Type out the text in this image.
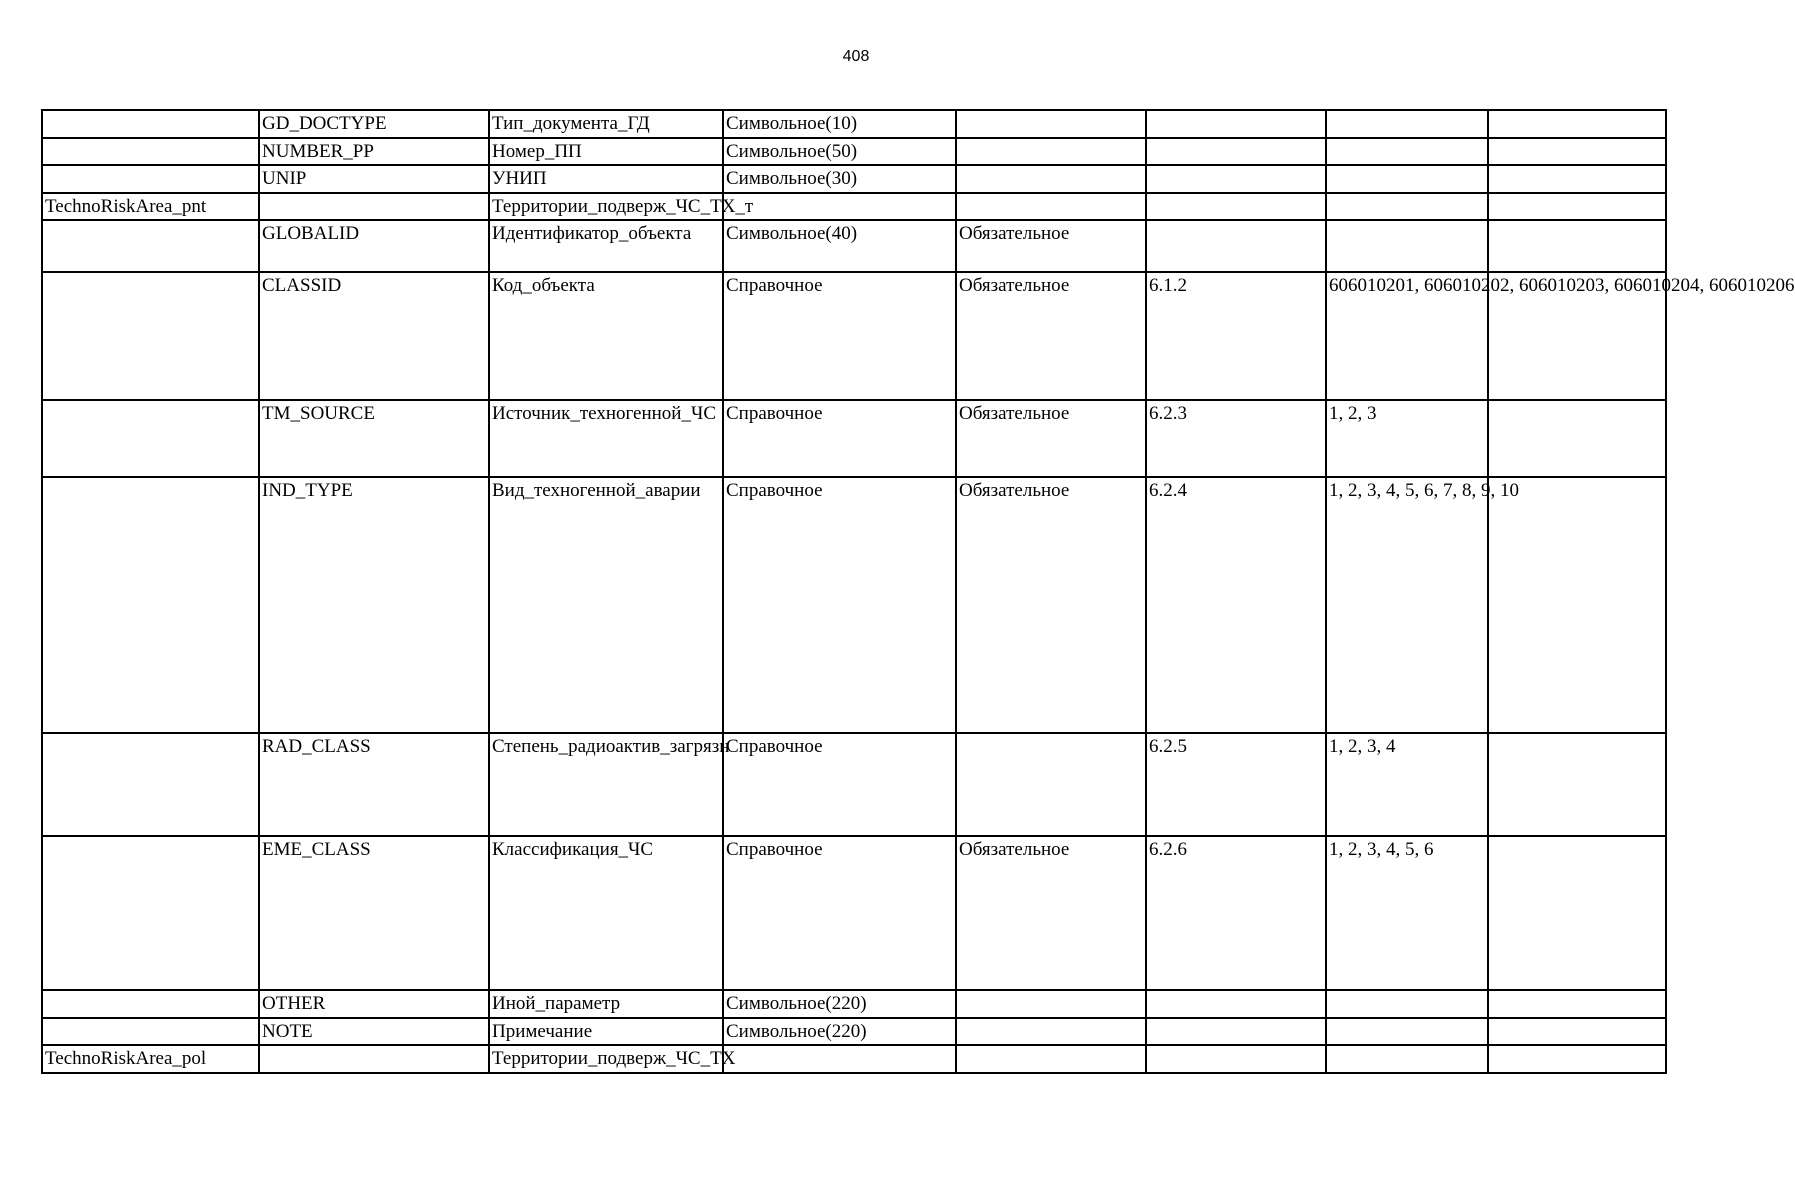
408
	GD_DOCTYPE	Тип_документа_ГД	Символьное(10)				
	NUMBER_PP	Номер_ПП	Символьное(50)				
	UNIP	УНИП	Символьное(30)				
TechnoRiskArea_pnt		Территории_подверж_ЧС_ТХ_т					
	GLOBALID	Идентификатор_объекта	Символьное(40)	Обязательное			
	CLASSID	Код_объекта	Справочное	Обязательное	6.1.2	606010201, 606010202, 606010203, 606010204, 606010206	
	TM_SOURCE	Источник_техногенной_ЧС	Справочное	Обязательное	6.2.3	1, 2, 3	
	IND_TYPE	Вид_техногенной_аварии	Справочное	Обязательное	6.2.4	1, 2, 3, 4, 5, 6, 7, 8, 9, 10	
	RAD_CLASS	Степень_радиоактив_загрязн	Справочное		6.2.5	1, 2, 3, 4	
	EME_CLASS	Классификация_ЧС	Справочное	Обязательное	6.2.6	1, 2, 3, 4, 5, 6	
	OTHER	Иной_параметр	Символьное(220)				
	NOTE	Примечание	Символьное(220)				
TechnoRiskArea_pol		Территории_подверж_ЧС_ТХ					
